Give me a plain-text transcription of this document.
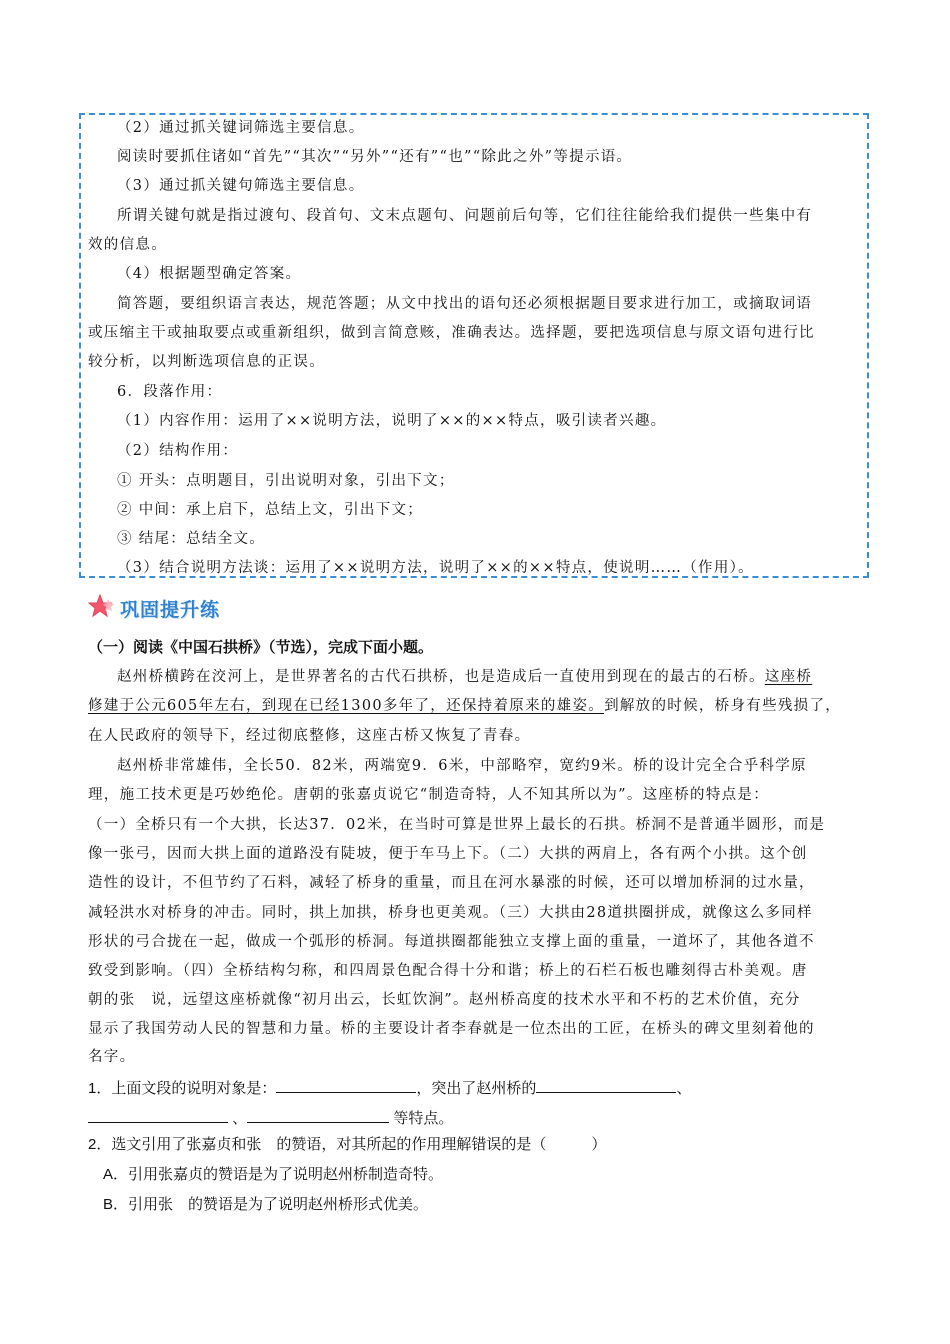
（2）通过抓关键词筛选主要信息。
阅读时要抓住诸如“首先”“其次”“另外”“还有”“也”“除此之外”等提示语。
（3）通过抓关键句筛选主要信息。
所谓关键句就是指过渡句、段首句、文末点题句、问题前后句等，它们往往能给我们提供一些集中有
效的信息。
（4）根据题型确定答案。
简答题，要组织语言表达，规范答题；从文中找出的语句还必须根据题目要求进行加工，或摘取词语
或压缩主干或抽取要点或重新组织，做到言简意赅，准确表达。选择题，要把选项信息与原文语句进行比
较分析，以判断选项信息的正误。
6．段落作用：
（1）内容作用：运用了××说明方法，说明了××的××特点，吸引读者兴趣。
（2）结构作用：
① 开头：点明题目，引出说明对象，引出下文；
② 中间：承上启下，总结上文，引出下文；
③ 结尾：总结全文。
（3）结合说明方法谈：运用了××说明方法，说明了××的××特点，使说明……（作用）。
巩固提升练
（一）阅读《中国石拱桥》（节选），完成下面小题。
赵州桥横跨在洨河上，是世界著名的古代石拱桥，也是造成后一直使用到现在的最古的石桥。这座桥
修建于公元605年左右，到现在已经1300多年了，还保持着原来的雄姿。到解放的时候，桥身有些残损了，
在人民政府的领导下，经过彻底整修，这座古桥又恢复了青春。
赵州桥非常雄伟，全长50．82米，两端宽9．6米，中部略窄，宽约9米。桥的设计完全合乎科学原
理，施工技术更是巧妙绝伦。唐朝的张嘉贞说它“制造奇特，人不知其所以为”。这座桥的特点是：
（一）全桥只有一个大拱，长达37．02米，在当时可算是世界上最长的石拱。桥洞不是普通半圆形，而是
像一张弓，因而大拱上面的道路没有陡坡，便于车马上下。（二）大拱的两肩上，各有两个小拱。这个创
造性的设计，不但节约了石料，减轻了桥身的重量，而且在河水暴涨的时候，还可以增加桥洞的过水量，
减轻洪水对桥身的冲击。同时，拱上加拱，桥身也更美观。（三）大拱由28道拱圈拼成，就像这么多同样
形状的弓合拢在一起，做成一个弧形的桥洞。每道拱圈都能独立支撑上面的重量，一道坏了，其他各道不
致受到影响。（四）全桥结构匀称，和四周景色配合得十分和谐；桥上的石栏石板也雕刻得古朴美观。唐
朝的张　说，远望这座桥就像“初月出云，长虹饮涧”。赵州桥高度的技术水平和不朽的艺术价值，充分
显示了我国劳动人民的智慧和力量。桥的主要设计者李春就是一位杰出的工匠，在桥头的碑文里刻着他的
名字。
1．上面文段的说明对象是：	，突出了赵州桥的	、
、	等特点。
2．选文引用了张嘉贞和张　的赞语，对其所起的作用理解错误的是（　　　）
A．引用张嘉贞的赞语是为了说明赵州桥制造奇特。
B．引用张　的赞语是为了说明赵州桥形式优美。
